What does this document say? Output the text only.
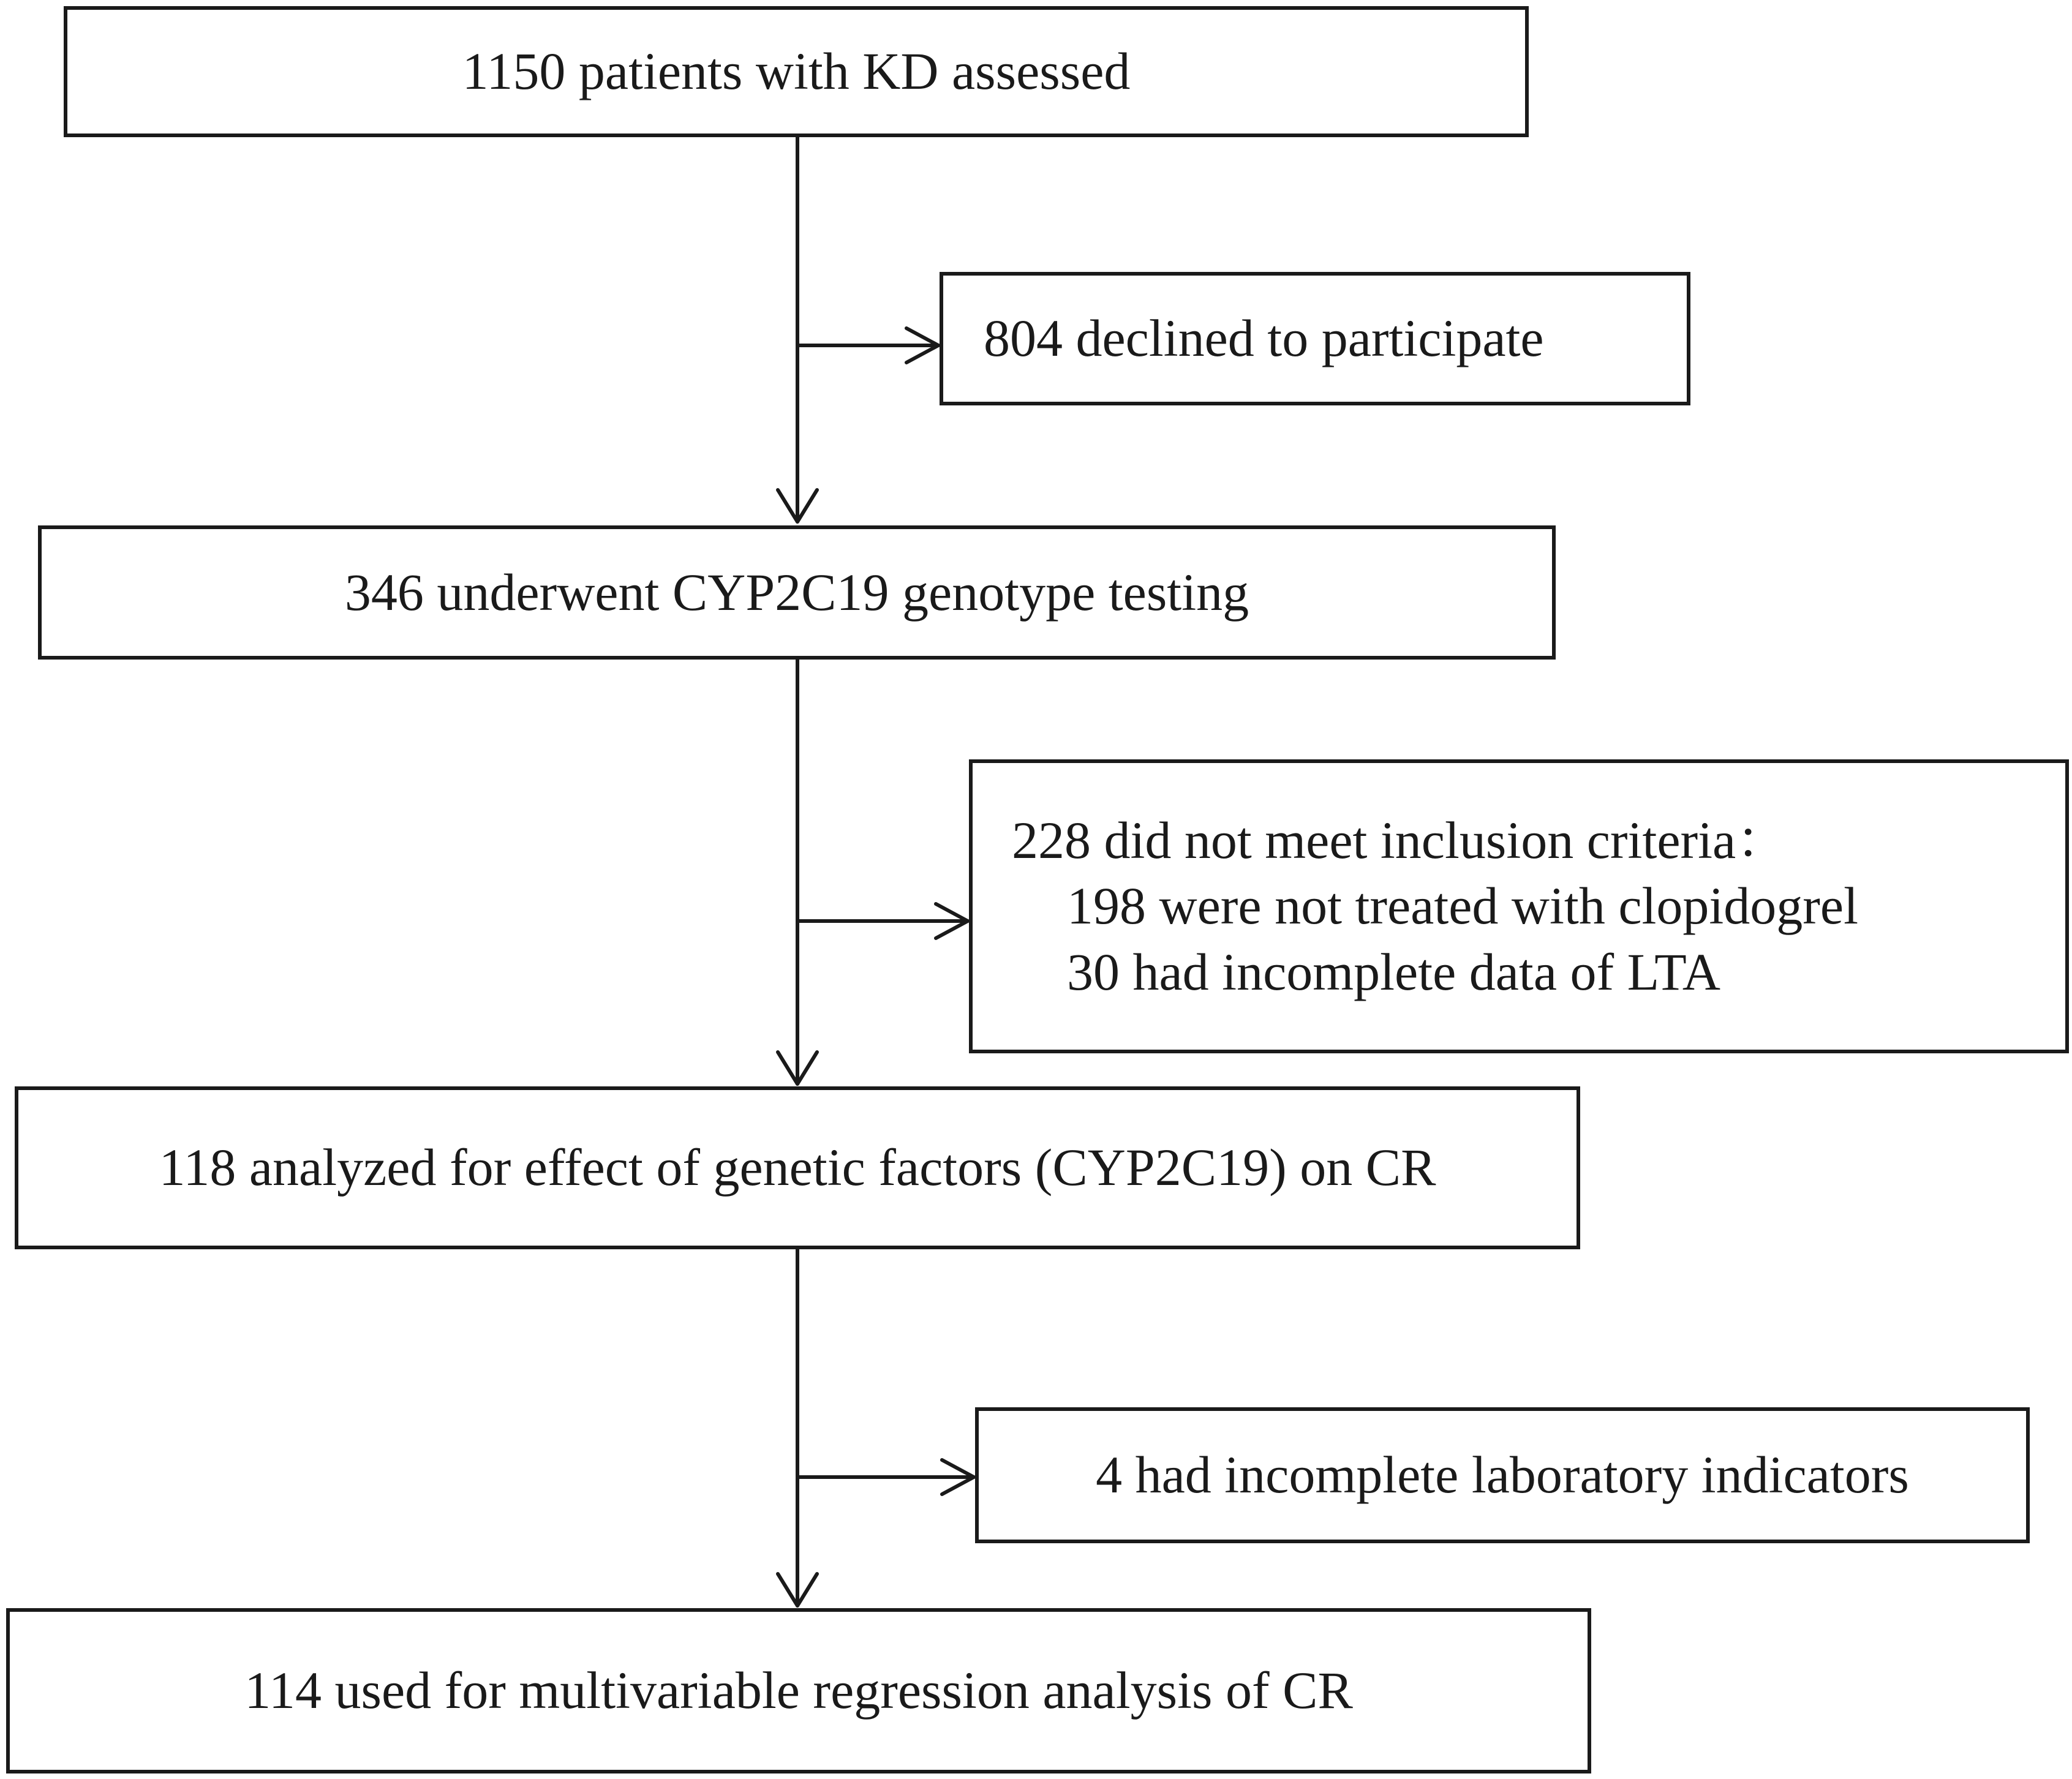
1150 patients with KD assessed
804 declined to participate
346 underwent CYP2C19 genotype testing
228 did not meet inclusion criteria：
198 were not treated with clopidogrel
30 had incomplete data of LTA
118 analyzed for effect of genetic factors (CYP2C19) on CR
4 had incomplete laboratory indicators
114 used for multivariable regression analysis of CR
